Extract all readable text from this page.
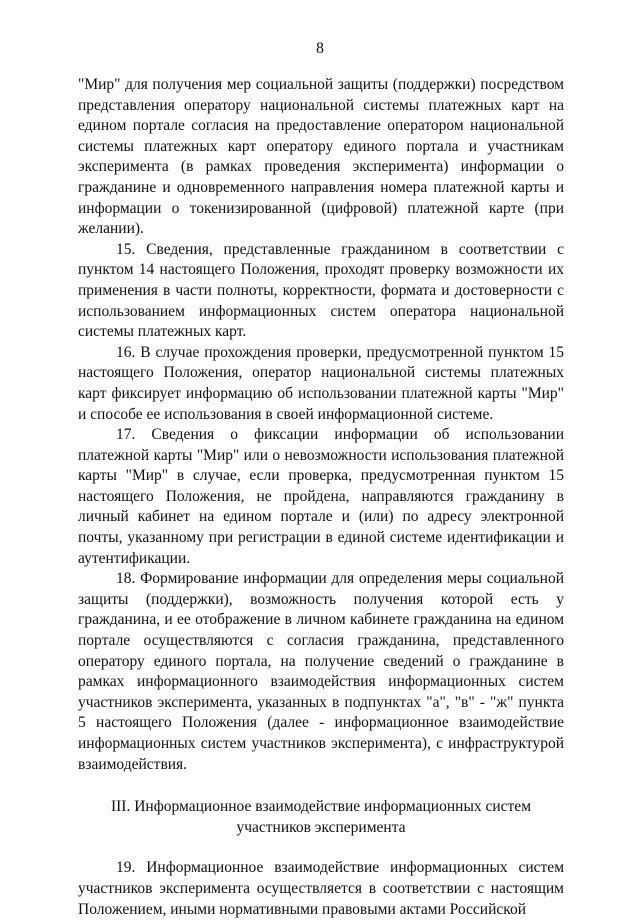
8

"Мир" для получения мер социальной защиты (поддержки) посредством представления оператору национальной системы платежных карт на едином портале согласия на предоставление оператором национальной системы платежных карт оператору единого портала и участникам эксперимента (в рамках проведения эксперимента) информации о гражданине и одновременного направления номера платежной карты и информации о токенизированной (цифровой) платежной карте (при желании).

15. Сведения, представленные гражданином в соответствии с пунктом 14 настоящего Положения, проходят проверку возможности их применения в части полноты, корректности, формата и достоверности с использованием информационных систем оператора национальной системы платежных карт.

16. В случае прохождения проверки, предусмотренной пунктом 15 настоящего Положения, оператор национальной системы платежных карт фиксирует информацию об использовании платежной карты "Мир" и способе ее использования в своей информационной системе.

17. Сведения о фиксации информации об использовании платежной карты "Мир" или о невозможности использования платежной карты "Мир" в случае, если проверка, предусмотренная пунктом 15 настоящего Положения, не пройдена, направляются гражданину в личный кабинет на едином портале и (или) по адресу электронной почты, указанному при регистрации в единой системе идентификации и аутентификации.

18. Формирование информации для определения меры социальной защиты (поддержки), возможность получения которой есть у гражданина, и ее отображение в личном кабинете гражданина на едином портале осуществляются с согласия гражданина, представленного оператору единого портала, на получение сведений о гражданине в рамках информационного взаимодействия информационных систем участников эксперимента, указанных в подпунктах "а", "в" - "ж" пункта 5 настоящего Положения (далее - информационное взаимодействие информационных систем участников эксперимента), с инфраструктурой взаимодействия.

III. Информационное взаимодействие информационных систем
участников эксперимента

19. Информационное взаимодействие информационных систем участников эксперимента осуществляется в соответствии с настоящим Положением, иными нормативными правовыми актами Российской
